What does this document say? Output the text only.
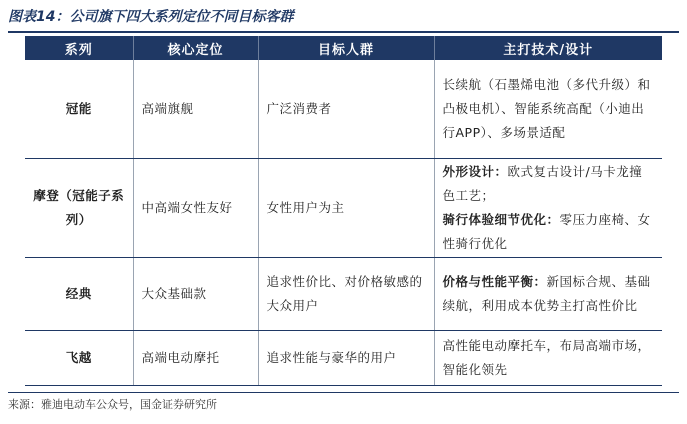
图表14：公司旗下四大系列定位不同目标客群
系列	核心定位	目标人群	主打技术/设计
冠能	高端旗舰	广泛消费者	长续航（石墨烯电池（多代升级）和凸极电机）、智能系统高配（小迪出行APP）、多场景适配
摩登（冠能子系列）	中高端女性友好	女性用户为主	外形设计：欧式复古设计/马卡龙撞色工艺；
骑行体验细节优化：零压力座椅、女性骑行优化
经典	大众基础款	追求性价比、对价格敏感的大众用户	价格与性能平衡：新国标合规、基础续航，利用成本优势主打高性价比
飞越	高端电动摩托	追求性能与豪华的用户	高性能电动摩托车，布局高端市场，智能化领先
来源：雅迪电动车公众号，国金证券研究所
